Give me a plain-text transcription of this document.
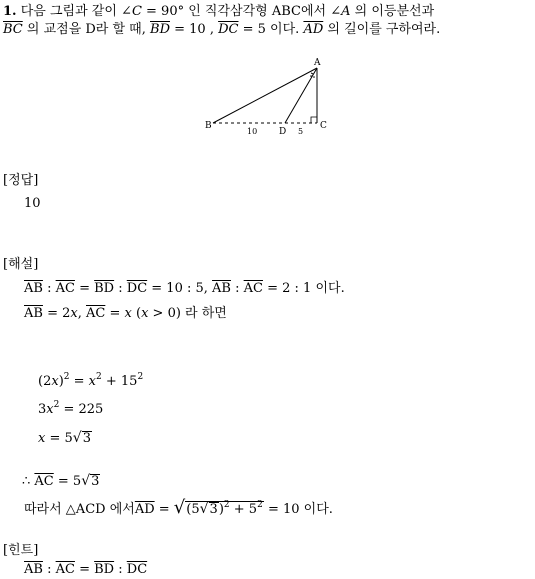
1. 다음 그림과 같이 ∠C = 90° 인 직각삼각형 ABC에서 ∠A 의 이등분선과
$\overline{BC}$ 의 교점을 D라 할 때, $\overline{BD} = 10$ , $\overline{DC} = 5$ 이다. $\overline{AD}$ 의 길이를 구하여라.
A
B	C
D
10	5
[정답]
10
[해설]
$\overline{AB}$ : $\overline{AC} = \overline{BD}$ : $\overline{DC} = 10$ : 5, $\overline{AB}$ : $\overline{AC} = 2$ : 1 이다.
$\overline{AB} = 2x$, $\overline{AC} = x$ (x > 0) 라 하면
$(2x)^2 = x^2 + 15^2$
$3x^2 = 225$
x = 5√3
∴ $\overline{AC} = 5√3$
따라서 △ACD 에서$\overline{AD} = √(5√3)^2 + 5^2 = 10$ 이다.
[힌트]
$\overline{AB}$ : $\overline{AC} = \overline{BD}$ : $\overline{DC}$
